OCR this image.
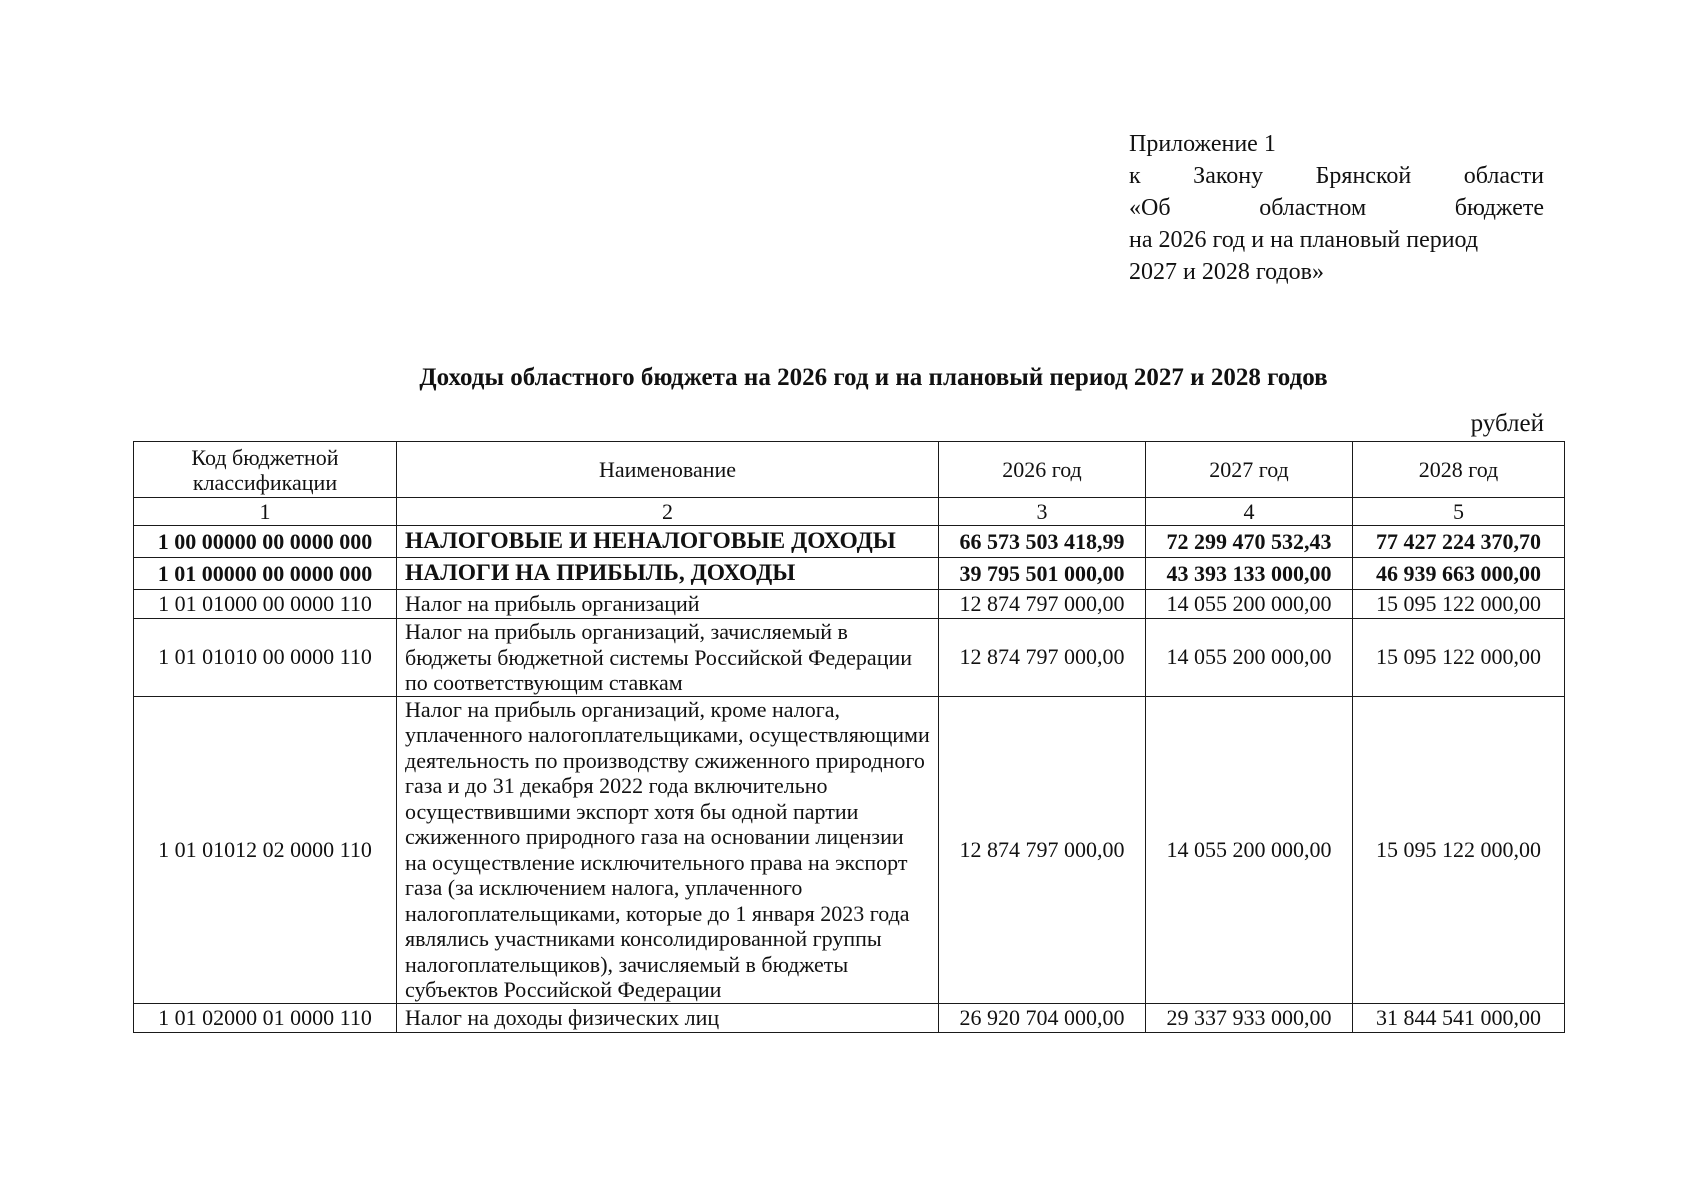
Приложение 1
к Закону Брянской области
«Об	областном	бюджете
на 2026 год и на плановый период
2027 и 2028 годов»
Доходы областного бюджета на 2026 год и на плановый период 2027 и 2028 годов
рублей
Код бюджетной классификации	Наименование	2026 год	2027 год	2028 год
1	2	3	4	5
1 00 00000 00 0000 000	НАЛОГОВЫЕ И НЕНАЛОГОВЫЕ ДОХОДЫ	66 573 503 418,99	72 299 470 532,43	77 427 224 370,70
1 01 00000 00 0000 000	НАЛОГИ НА ПРИБЫЛЬ, ДОХОДЫ	39 795 501 000,00	43 393 133 000,00	46 939 663 000,00
1 01 01000 00 0000 110	Налог на прибыль организаций	12 874 797 000,00	14 055 200 000,00	15 095 122 000,00
1 01 01010 00 0000 110	Налог на прибыль организаций, зачисляемый в бюджеты бюджетной системы Российской Федерации по соответствующим ставкам	12 874 797 000,00	14 055 200 000,00	15 095 122 000,00
1 01 01012 02 0000 110	Налог на прибыль организаций, кроме налога, уплаченного налогоплательщиками, осуществляющими деятельность по производству сжиженного природного газа и до 31 декабря 2022 года включительно осуществившими экспорт хотя бы одной партии сжиженного природного газа на основании лицензии на осуществление исключительного права на экспорт газа (за исключением налога, уплаченного налогоплательщиками, которые до 1 января 2023 года являлись участниками консолидированной группы налогоплательщиков), зачисляемый в бюджеты субъектов Российской Федерации	12 874 797 000,00	14 055 200 000,00	15 095 122 000,00
1 01 02000 01 0000 110	Налог на доходы физических лиц	26 920 704 000,00	29 337 933 000,00	31 844 541 000,00
